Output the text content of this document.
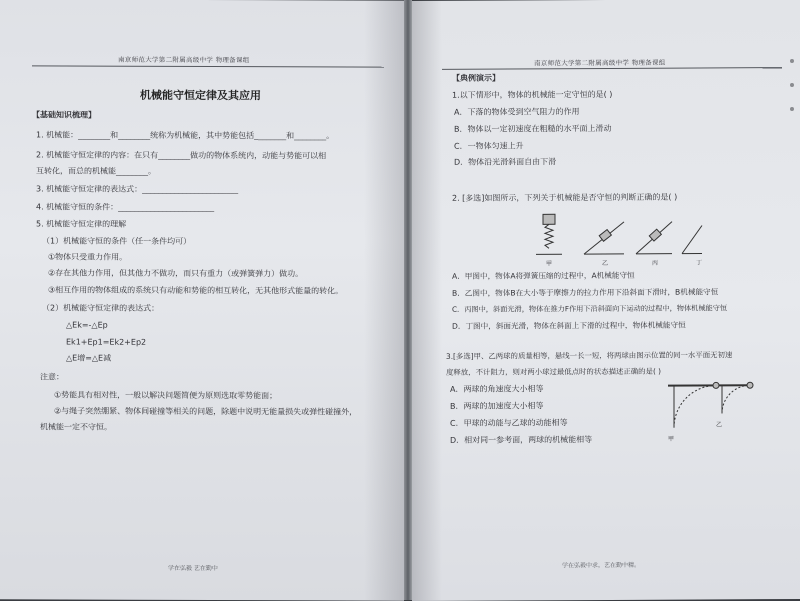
南京师范大学第二附属高级中学 物理备课组
机械能守恒定律及其应用
【基础知识梳理】
1. 机械能：________和________统称为机械能，其中势能包括________和________。
2. 机械能守恒定律的内容：在只有________做功的物体系统内，动能与势能可以相
互转化，而总的机械能________。
3. 机械能守恒定律的表达式：________________________
4. 机械能守恒的条件：________________________
5. 机械能守恒定律的理解
（1）机械能守恒的条件（任一条件均可）
①物体只受重力作用。
②存在其他力作用，但其他力不做功，而只有重力（或弹簧弹力）做功。
③相互作用的物体组成的系统只有动能和势能的相互转化，无其他形式能量的转化。
（2）机械能守恒定律的表达式：
△Ek=-△Ep
Ek1+Ep1=Ek2+Ep2
△E增=△E减
注意：
①势能具有相对性，一般以解决问题简便为原则选取零势能面；
②与绳子突然绷紧、物体间碰撞等相关的问题，除题中说明无能量损失或弹性碰撞外，
机械能一定不守恒。
学在弘毅 艺在勤中
南京师范大学第二附属高级中学 物理备课组
【典例演示】
1.以下情形中，物体的机械能一定守恒的是( )
A．下落的物体受到空气阻力的作用
B．物体以一定初速度在粗糙的水平面上滑动
C．一物体匀速上升
D．物体沿光滑斜面自由下滑
2. [多选]如图所示，下列关于机械能是否守恒的判断正确的是( )
甲	乙	丙	丁
A．甲图中，物体A将弹簧压缩的过程中，A机械能守恒
B．乙图中，物体B在大小等于摩擦力的拉力作用下沿斜面下滑时，B机械能守恒
C．丙图中，斜面光滑，物体在推力F作用下沿斜面向下运动的过程中，物体机械能守恒
D．丁图中，斜面光滑，物体在斜面上下滑的过程中，物体机械能守恒
3.[多选]甲、乙两球的质量相等，悬线一长一短，将两球由图示位置的同一水平面无初速
度释放，不计阻力，则对两小球过最低点时的状态描述正确的是( )
A．两球的角速度大小相等
B．两球的加速度大小相等
C．甲球的动能与乙球的动能相等
D．相对同一参考面，两球的机械能相等	甲
乙
学在弘毅中求，艺在勤中精。
